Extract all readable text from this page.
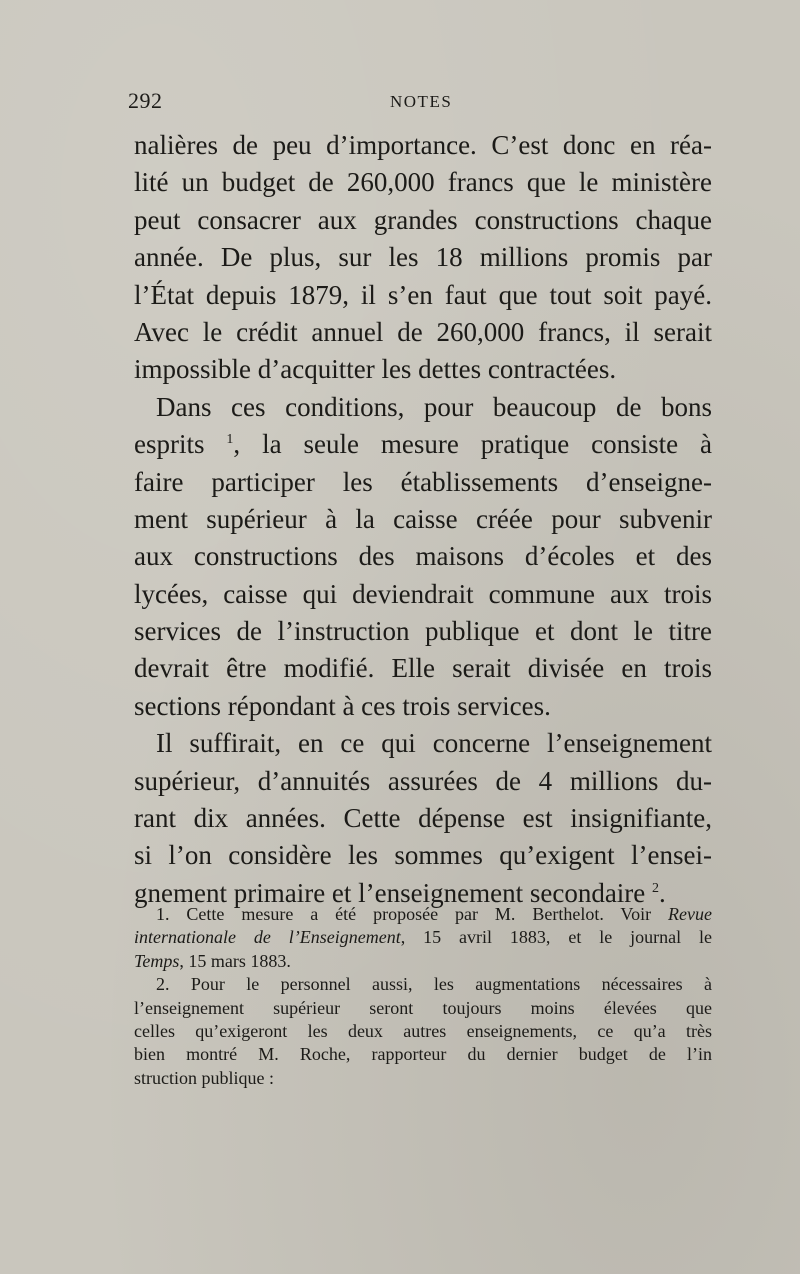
292	NOTES
nalières de peu d’importance. C’est donc en réa-
lité un budget de 260,000 francs que le ministère
peut consacrer aux grandes constructions chaque
année. De plus, sur les 18 millions promis par
l’État depuis 1879, il s’en faut que tout soit payé.
Avec le crédit annuel de 260,000 francs, il serait
impossible d’acquitter les dettes contractées.
Dans ces conditions, pour beaucoup de bons
esprits $^1$, la seule mesure pratique consiste à
faire participer les établissements d’enseigne-
ment supérieur à la caisse créée pour subvenir
aux constructions des maisons d’écoles et des
lycées, caisse qui deviendrait commune aux trois
services de l’instruction publique et dont le titre
devrait être modifié. Elle serait divisée en trois
sections répondant à ces trois services.
Il suffirait, en ce qui concerne l’enseignement
supérieur, d’annuités assurées de 4 millions du-
rant dix années. Cette dépense est insignifiante,
si l’on considère les sommes qu’exigent l’ensei-
gnement primaire et l’enseignement secondaire $^2$.
1. Cette mesure a été proposée par M. Berthelot. Voir Revue
internationale de l’Enseignement, 15 avril 1883, et le journal le
Temps, 15 mars 1883.
2. Pour le personnel aussi, les augmentations nécessaires à
l’enseignement supérieur seront toujours moins élevées que
celles qu’exigeront les deux autres enseignements, ce qu’a très
bien montré M. Roche, rapporteur du dernier budget de l’in
struction publique :
